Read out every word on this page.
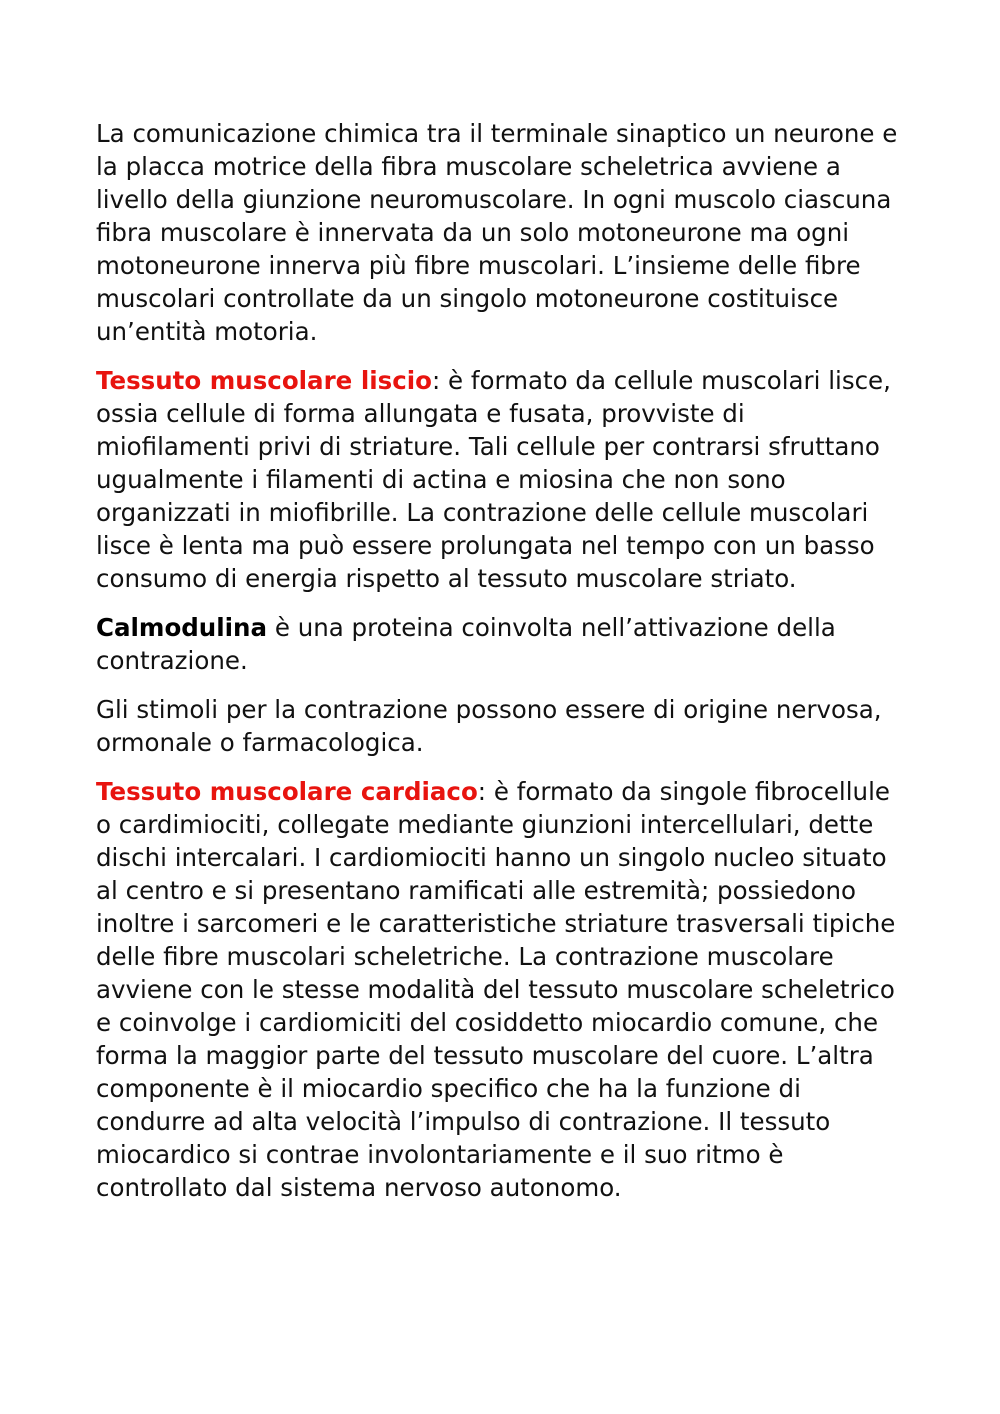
La comunicazione chimica tra il terminale sinaptico un neurone e la placca motrice della fibra muscolare scheletrica avviene a livello della giunzione neuromuscolare. In ogni muscolo ciascuna fibra muscolare è innervata da un solo motoneurone ma ogni motoneurone innerva più fibre muscolari. L’insieme delle fibre muscolari controllate da un singolo motoneurone costituisce un’entità motoria.

Tessuto muscolare liscio: è formato da cellule muscolari lisce, ossia cellule di forma allungata e fusata, provviste di miofilamenti privi di striature. Tali cellule per contrarsi sfruttano ugualmente i filamenti di actina e miosina che non sono organizzati in miofibrille. La contrazione delle cellule muscolari lisce è lenta ma può essere prolungata nel tempo con un basso consumo di energia rispetto al tessuto muscolare striato.

Calmodulina è una proteina coinvolta nell’attivazione della contrazione.

Gli stimoli per la contrazione possono essere di origine nervosa, ormonale o farmacologica.

Tessuto muscolare cardiaco: è formato da singole fibrocellule o cardimiociti, collegate mediante giunzioni intercellulari, dette dischi intercalari. I cardiomiociti hanno un singolo nucleo situato al centro e si presentano ramificati alle estremità; possiedono inoltre i sarcomeri e le caratteristiche striature trasversali tipiche delle fibre muscolari scheletriche. La contrazione muscolare avviene con le stesse modalità del tessuto muscolare scheletrico e coinvolge i cardiomiciti del cosiddetto miocardio comune, che forma la maggior parte del tessuto muscolare del cuore. L’altra componente è il miocardio specifico che ha la funzione di condurre ad alta velocità l’impulso di contrazione. Il tessuto miocardico si contrae involontariamente e il suo ritmo è controllato dal sistema nervoso autonomo.
